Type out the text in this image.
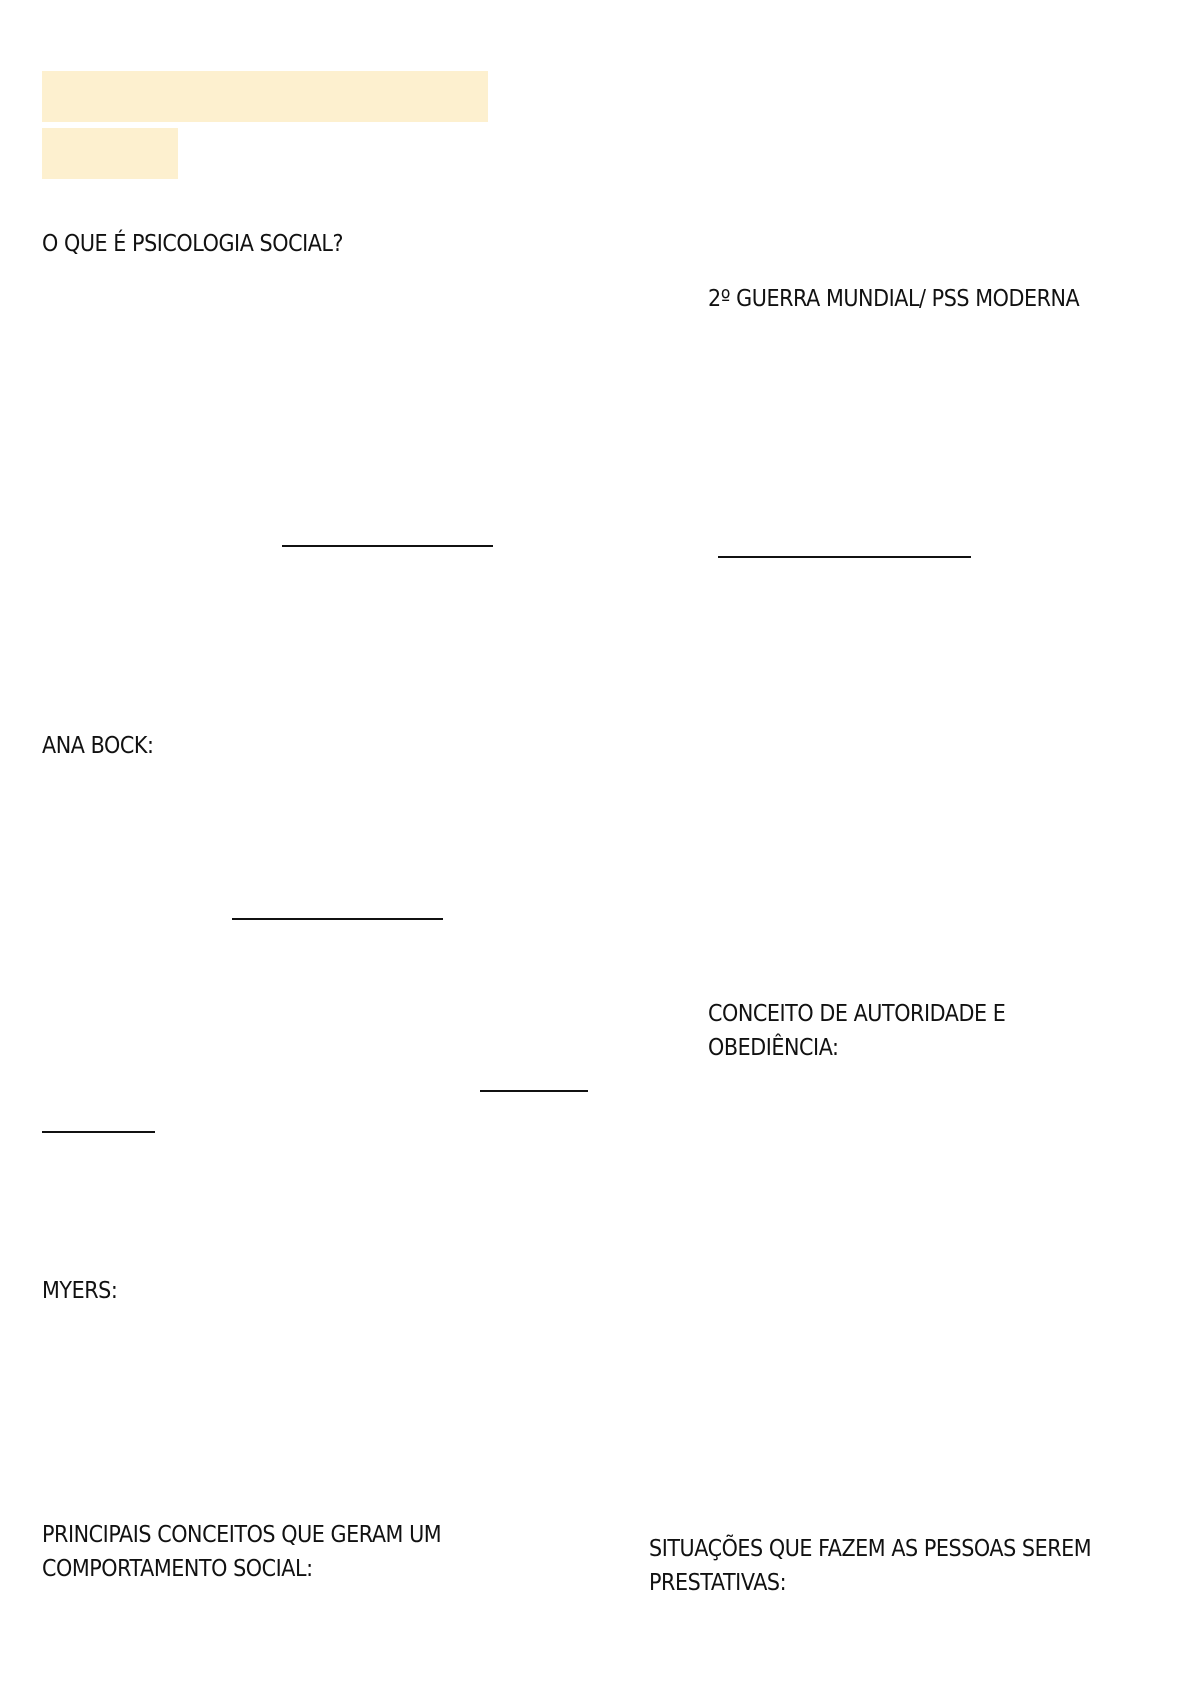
O QUE É PSICOLOGIA SOCIAL?
ANA BOCK:
MYERS:
PRINCIPAIS CONCEITOS QUE GERAM UM
COMPORTAMENTO SOCIAL:
2º GUERRA MUNDIAL/ PSS MODERNA
CONCEITO DE AUTORIDADE E
OBEDIÊNCIA:
SITUAÇÕES QUE FAZEM AS PESSOAS SEREM
PRESTATIVAS:
